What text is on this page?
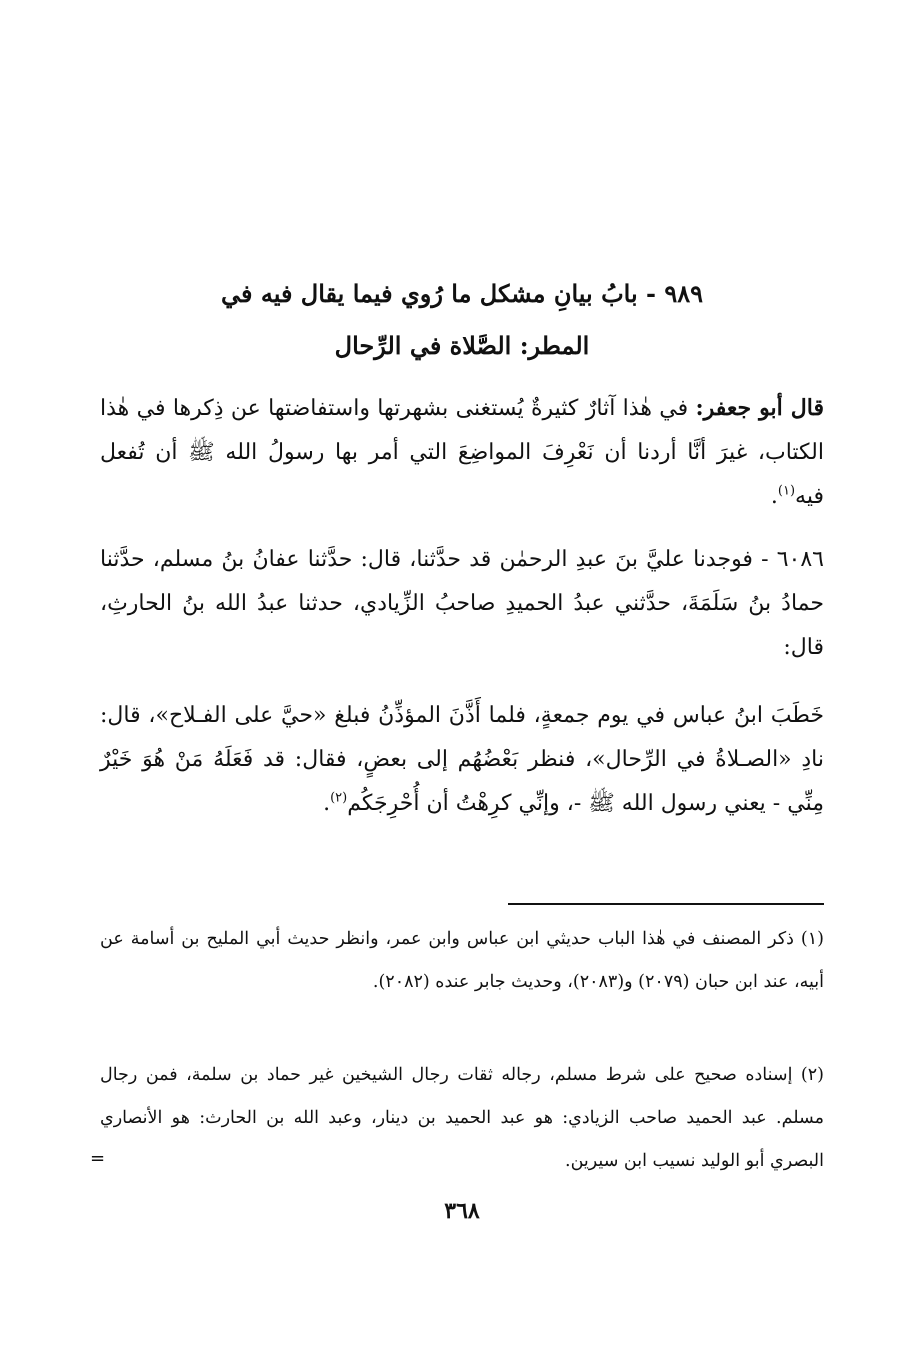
٩٨٩ - بابُ بيانِ مشكل ما رُوي فيما يقال فيه في
المطر: الصَّلاة في الرِّحال

قال أبو جعفر: في هٰذا آثارٌ كثيرةٌ يُستغنى بشهرتها واستفاضتها عن ذِكرها في هٰذا الكتاب، غيرَ أنَّا أردنا أن نَعْرِفَ المواضِعَ التي أمر بها رسولُ الله ﷺ أن تُفعل فيه$^{(١)}$.

٦٠٨٦ - فوجدنا عليَّ بنَ عبدِ الرحمٰن قد حدَّثنا، قال: حدَّثنا عفانُ بنُ مسلم، حدَّثنا حمادُ بنُ سَلَمَةَ، حدَّثني عبدُ الحميدِ صاحبُ الزِّيادي، حدثنا عبدُ الله بنُ الحارثِ، قال:

خَطَبَ ابنُ عباس في يوم جمعةٍ، فلما أَذَّنَ المؤذِّنُ فبلغ «حيَّ على الفـلاح»، قال: نادِ «الصـلاةُ في الرِّحال»، فنظر بَعْضُهُم إلى بعضٍ، فقال: قد فَعَلَهُ مَنْ هُوَ خَيْرٌ مِنِّي - يعني رسول الله ﷺ -، وإنِّي كرِهْتُ أن أُحْرِجَكُم$^{(٢)}$.

(١) ذكر المصنف في هٰذا الباب حديثي ابن عباس وابن عمر، وانظر حديث أبي المليح بن أسامة عن أبيه، عند ابن حبان (٢٠٧٩) و(٢٠٨٣)، وحديث جابر عنده (٢٠٨٢).

(٢) إسناده صحيح على شرط مسلم، رجاله ثقات رجال الشيخين غير حماد بن سلمة، فمن رجال مسلم. عبد الحميد صاحب الزيادي: هو عبد الحميد بن دينار، وعبد الله بن الحارث: هو الأنصاري البصري أبو الوليد نسيب ابن سيرين.

٣٦٨
=
